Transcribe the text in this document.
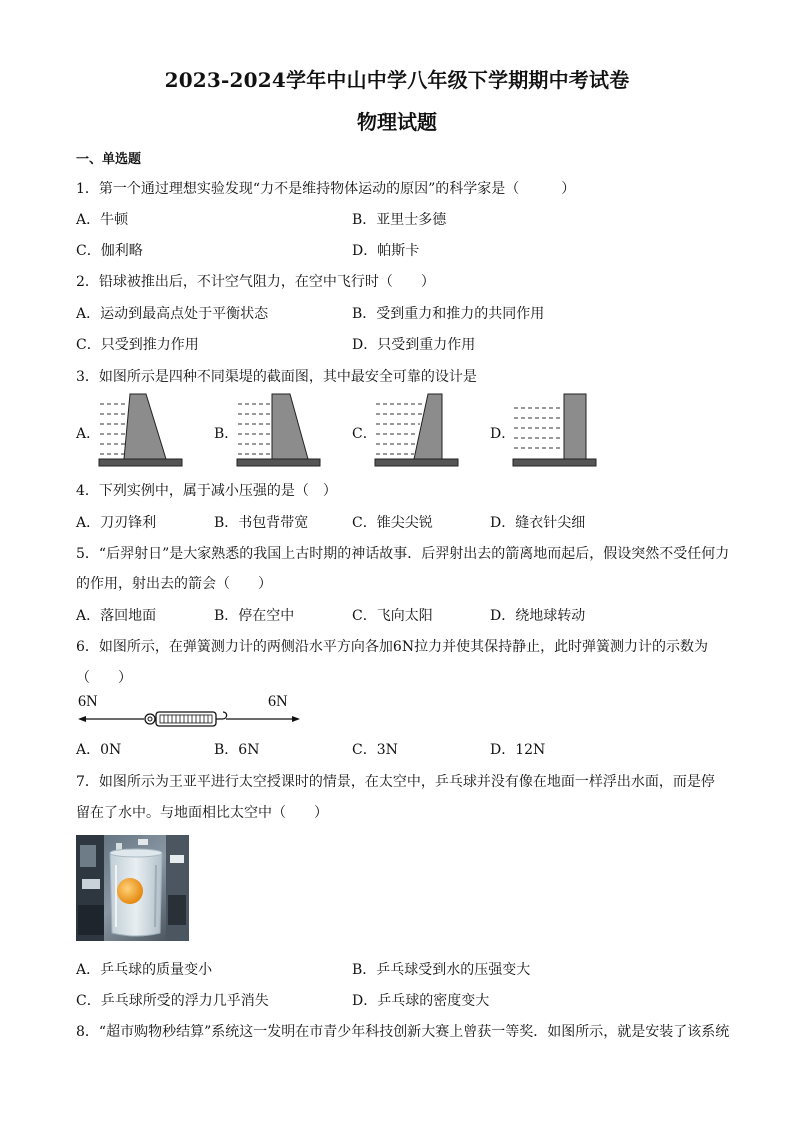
2023-2024学年中山中学八年级下学期期中考试卷
物理试题
一、单选题
1．第一个通过理想实验发现“力不是维持物体运动的原因”的科学家是（　　　）
A．牛顿	B．亚里士多德
C．伽利略	D．帕斯卡
2．铅球被推出后，不计空气阻力，在空中飞行时（　　）
A．运动到最高点处于平衡状态	B．受到重力和推力的共同作用
C．只受到推力作用	D．只受到重力作用
3．如图所示是四种不同渠堤的截面图，其中最安全可靠的设计是
A．	B．	C．	D．
4．下列实例中，属于减小压强的是（　）
A．刀刃锋利	B．书包背带宽	C．锥尖尖锐	D．缝衣针尖细
5．“后羿射日”是大家熟悉的我国上古时期的神话故事．后羿射出去的箭离地而起后，假设突然不受任何力
的作用，射出去的箭会（　　）
A．落回地面	B．停在空中	C．飞向太阳	D．绕地球转动
6．如图所示，在弹簧测力计的两侧沿水平方向各加6N拉力并使其保持静止，此时弹簧测力计的示数为
（　　）
6N	6N
A．0N	B．6N	C．3N	D．12N
7．如图所示为王亚平进行太空授课时的情景，在太空中，乒乓球并没有像在地面一样浮出水面，而是停
留在了水中。与地面相比太空中（　　）
A．乒乓球的质量变小	B．乒乓球受到水的压强变大
C．乒乓球所受的浮力几乎消失	D．乒乓球的密度变大
8．“超市购物秒结算”系统这一发明在市青少年科技创新大赛上曾获一等奖．如图所示，就是安装了该系统
